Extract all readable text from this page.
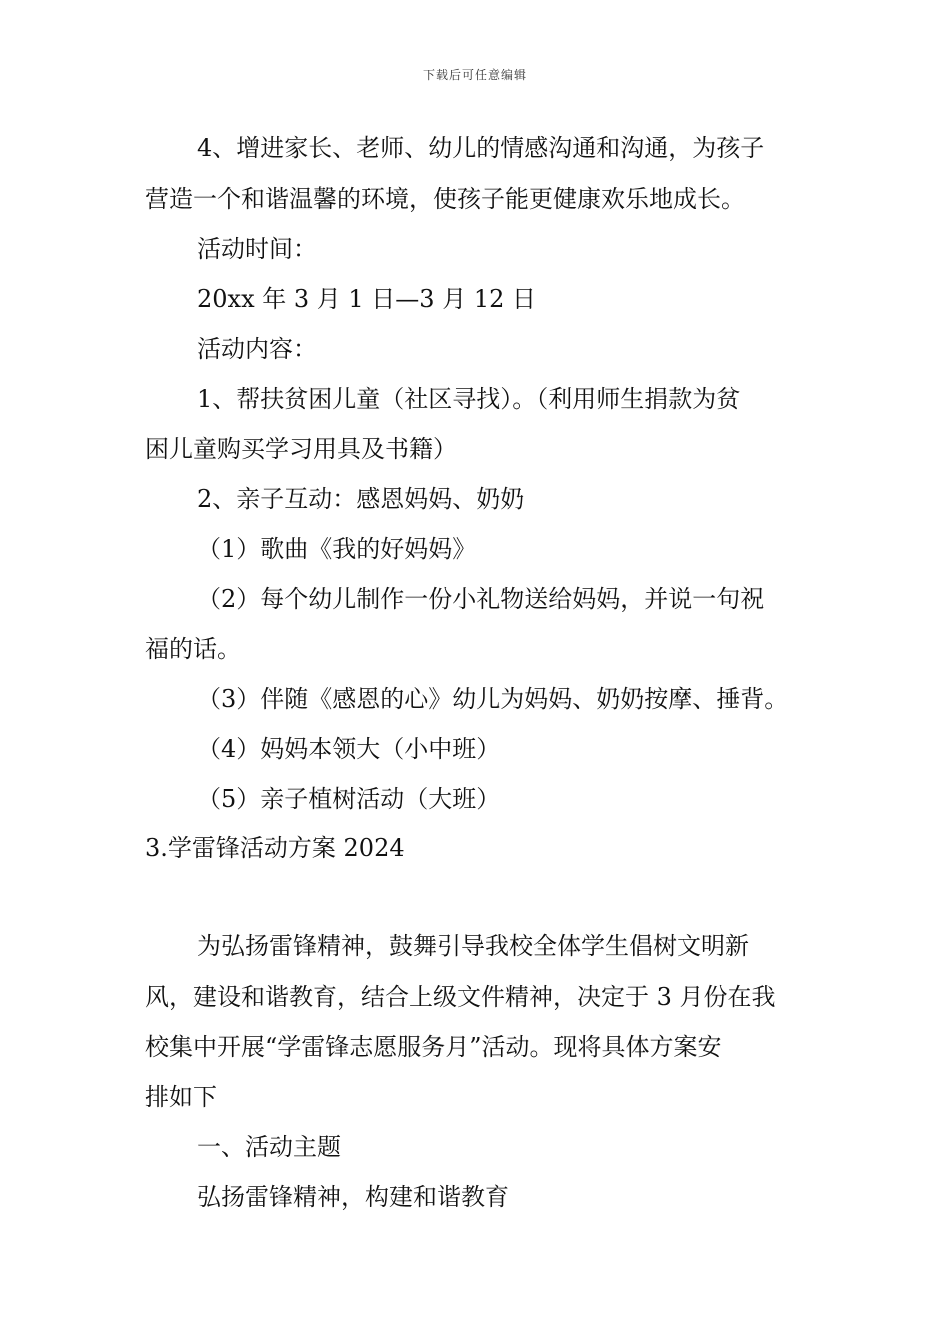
下载后可任意编辑
4、增进家长、老师、幼儿的情感沟通和沟通，为孩子
营造一个和谐温馨的环境，使孩子能更健康欢乐地成长。
活动时间：
20xx 年 3 月 1 日—3 月 12 日
活动内容：
1、帮扶贫困儿童（社区寻找）。（利用师生捐款为贫
困儿童购买学习用具及书籍）
2、亲子互动：感恩妈妈、奶奶
（1）歌曲《我的好妈妈》
（2）每个幼儿制作一份小礼物送给妈妈，并说一句祝
福的话。
（3）伴随《感恩的心》幼儿为妈妈、奶奶按摩、捶背。
（4）妈妈本领大（小中班）
（5）亲子植树活动（大班）
3.学雷锋活动方案 2024
为弘扬雷锋精神，鼓舞引导我校全体学生倡树文明新
风，建设和谐教育，结合上级文件精神，决定于 3 月份在我
校集中开展“学雷锋志愿服务月”活动。现将具体方案安
排如下
一、活动主题
弘扬雷锋精神，构建和谐教育
